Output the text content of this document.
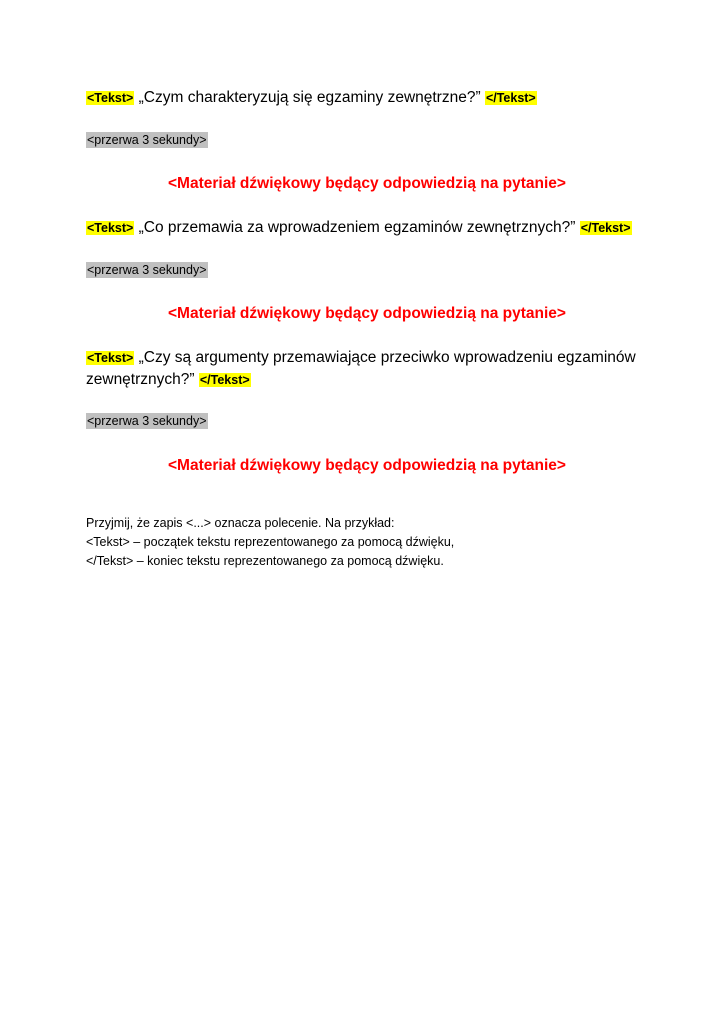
<Tekst> „Czym charakteryzują się egzaminy zewnętrzne?” </Tekst>
<przerwa 3 sekundy>
<Materiał dźwiękowy będący odpowiedzią na pytanie>
<Tekst> „Co przemawia za wprowadzeniem egzaminów zewnętrznych?” </Tekst>
<przerwa 3 sekundy>
<Materiał dźwiękowy będący odpowiedzią na pytanie>
<Tekst> „Czy są argumenty przemawiające przeciwko wprowadzeniu egzaminów zewnętrznych?” </Tekst>
<przerwa 3 sekundy>
<Materiał dźwiękowy będący odpowiedzią na pytanie>
Przyjmij, że zapis <...> oznacza polecenie. Na przykład:
<Tekst> – początek tekstu reprezentowanego za pomocą dźwięku,
</Tekst> – koniec tekstu reprezentowanego za pomocą dźwięku.
